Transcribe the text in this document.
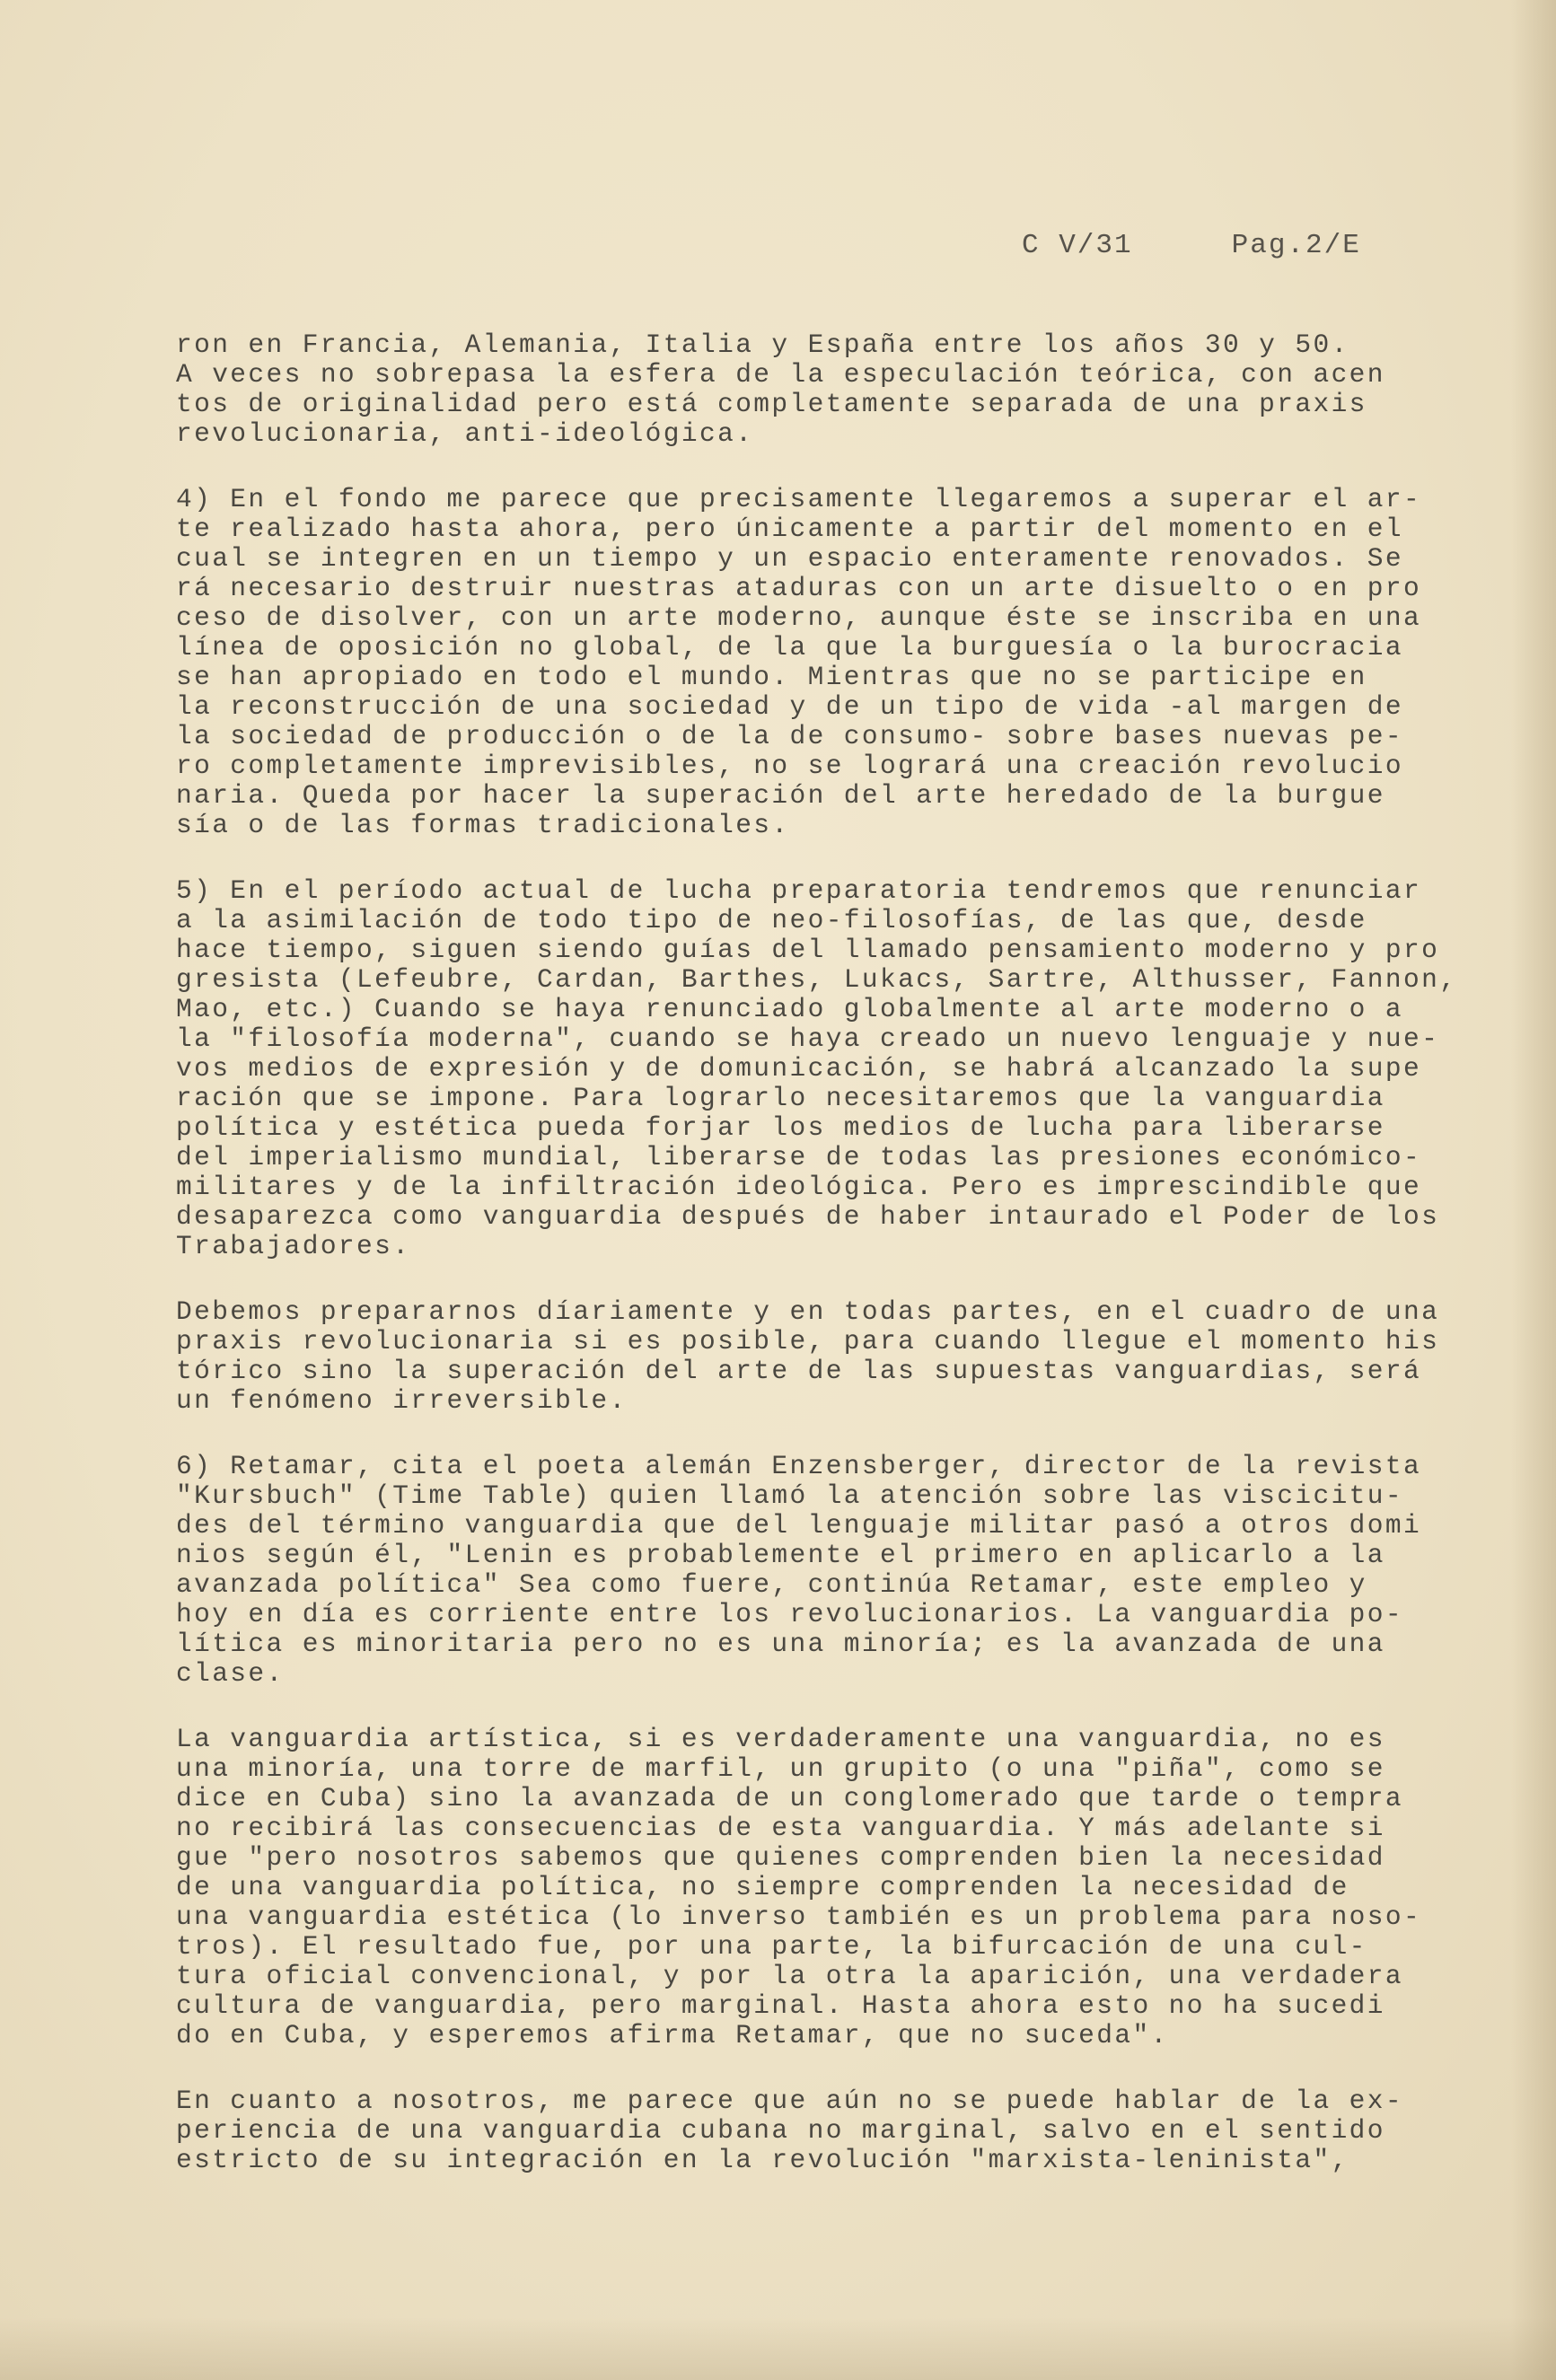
C V/31	Pag.2/E
ron en Francia, Alemania, Italia y España entre los años 30 y 50.
A veces no sobrepasa la esfera de la especulación teórica, con acen
tos de originalidad pero está completamente separada de una praxis
revolucionaria, anti-ideológica.
4) En el fondo me parece que precisamente llegaremos a superar el ar-
te realizado hasta ahora, pero únicamente a partir del momento en el
cual se integren en un tiempo y un espacio enteramente renovados. Se
rá necesario destruir nuestras ataduras con un arte disuelto o en pro
ceso de disolver, con un arte moderno, aunque éste se inscriba en una
línea de oposición no global, de la que la burguesía o la burocracia
se han apropiado en todo el mundo. Mientras que no se participe en
la reconstrucción de una sociedad y de un tipo de vida -al margen de
la sociedad de producción o de la de consumo- sobre bases nuevas pe-
ro completamente imprevisibles, no se logrará una creación revolucio
naria. Queda por hacer la superación del arte heredado de la burgue
sía o de las formas tradicionales.
5) En el período actual de lucha preparatoria tendremos que renunciar
a la asimilación de todo tipo de neo-filosofías, de las que, desde
hace tiempo, siguen siendo guías del llamado pensamiento moderno y pro
gresista (Lefeubre, Cardan, Barthes, Lukacs, Sartre, Althusser, Fannon,
Mao, etc.) Cuando se haya renunciado globalmente al arte moderno o a
la "filosofía moderna", cuando se haya creado un nuevo lenguaje y nue-
vos medios de expresión y de domunicación, se habrá alcanzado la supe
ración que se impone. Para lograrlo necesitaremos que la vanguardia
política y estética pueda forjar los medios de lucha para liberarse
del imperialismo mundial, liberarse de todas las presiones económico-
militares y de la infiltración ideológica. Pero es imprescindible que
desaparezca como vanguardia después de haber intaurado el Poder de los
Trabajadores.
Debemos prepararnos díariamente y en todas partes, en el cuadro de una
praxis revolucionaria si es posible, para cuando llegue el momento his
tórico sino la superación del arte de las supuestas vanguardias, será
un fenómeno irreversible.
6) Retamar, cita el poeta alemán Enzensberger, director de la revista
"Kursbuch" (Time Table) quien llamó la atención sobre las viscicitu-
des del término vanguardia que del lenguaje militar pasó a otros domi
nios según él, "Lenin es probablemente el primero en aplicarlo a la
avanzada política" Sea como fuere, continúa Retamar, este empleo y
hoy en día es corriente entre los revolucionarios. La vanguardia po-
lítica es minoritaria pero no es una minoría; es la avanzada de una
clase.
La vanguardia artística, si es verdaderamente una vanguardia, no es
una minoría, una torre de marfil, un grupito (o una "piña", como se
dice en Cuba) sino la avanzada de un conglomerado que tarde o tempra
no recibirá las consecuencias de esta vanguardia. Y más adelante si
gue "pero nosotros sabemos que quienes comprenden bien la necesidad
de una vanguardia política, no siempre comprenden la necesidad de
una vanguardia estética (lo inverso también es un problema para noso-
tros). El resultado fue, por una parte, la bifurcación de una cul-
tura oficial convencional, y por la otra la aparición, una verdadera
cultura de vanguardia, pero marginal. Hasta ahora esto no ha sucedi
do en Cuba, y esperemos afirma Retamar, que no suceda".
En cuanto a nosotros, me parece que aún no se puede hablar de la ex-
periencia de una vanguardia cubana no marginal, salvo en el sentido
estricto de su integración en la revolución "marxista-leninista",
